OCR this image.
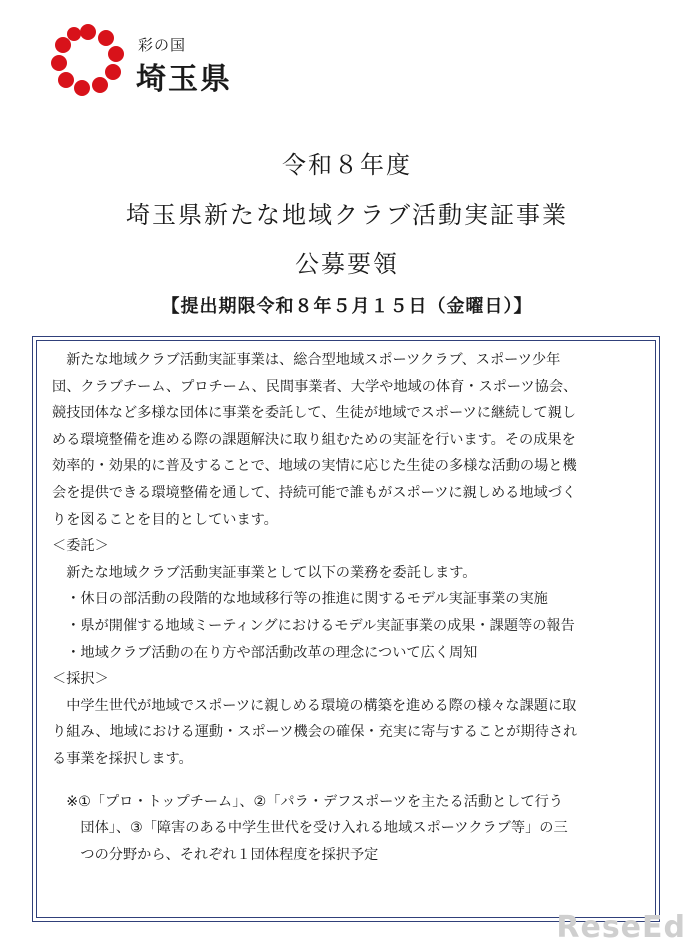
彩の国
埼玉県
令和８年度
埼玉県新たな地域クラブ活動実証事業
公募要領
【提出期限令和８年５月１５日（金曜日）】
　新たな地域クラブ活動実証事業は、総合型地域スポーツクラブ、スポーツ少年
団、クラブチーム、プロチーム、民間事業者、大学や地域の体育・スポーツ協会、
競技団体など多様な団体に事業を委託して、生徒が地域でスポーツに継続して親し
める環境整備を進める際の課題解決に取り組むための実証を行います。その成果を
効率的・効果的に普及することで、地域の実情に応じた生徒の多様な活動の場と機
会を提供できる環境整備を通して、持続可能で誰もがスポーツに親しめる地域づく
りを図ることを目的としています。
＜委託＞
　新たな地域クラブ活動実証事業として以下の業務を委託します。
　・休日の部活動の段階的な地域移行等の推進に関するモデル実証事業の実施
　・県が開催する地域ミーティングにおけるモデル実証事業の成果・課題等の報告
　・地域クラブ活動の在り方や部活動改革の理念について広く周知
＜採択＞
　中学生世代が地域でスポーツに親しめる環境の構築を進める際の様々な課題に取
り組み、地域における運動・スポーツ機会の確保・充実に寄与することが期待され
る事業を採択します。
　※①「プロ・トップチーム」、②「パラ・デフスポーツを主たる活動として行う
　　団体」、③「障害のある中学生世代を受け入れる地域スポーツクラブ等」の三
　　つの分野から、それぞれ１団体程度を採択予定
ReseEd
